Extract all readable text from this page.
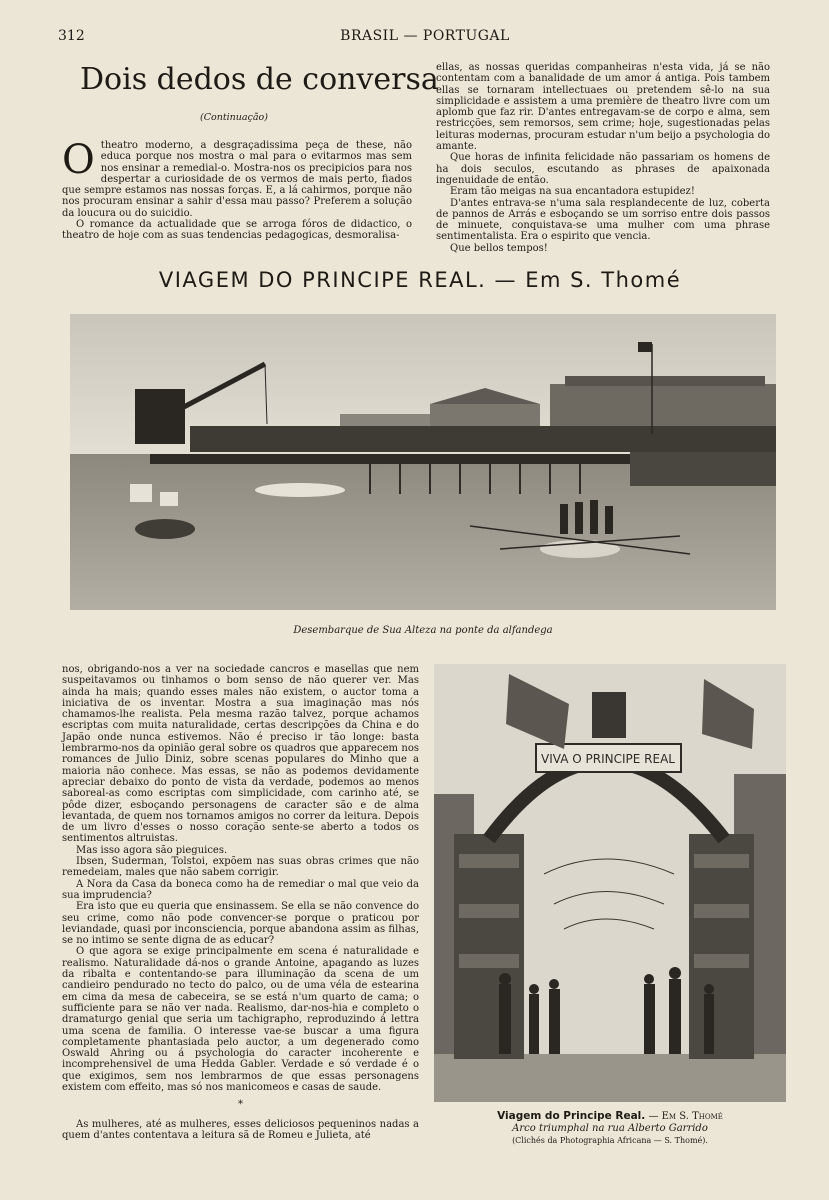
312	BRASIL — PORTUGAL
Dois dedos de conversa
(Continuação)

Otheatro moderno, a desgraçadissima peça de these, não educa porque nos mostra o mal para o evitarmos mas sem nos ensinar a remedial-o. Mostra-nos os precipicios para nos despertar a curiosidade de os vermos de mais perto, fiados que sempre estamos nas nossas forças. E, a lá cahirmos, porque não nos procuram ensinar a sahir d'essa mau passo? Preferem a solução da loucura ou do suicidio.

O romance da actualidade que se arroga fóros de didactico, o theatro de hoje com as suas tendencias pedagogicas, desmoralisa-

ellas, as nossas queridas companheiras n'esta vida, já se não contentam com a banalidade de um amor á antiga. Pois tambem ellas se tornaram intellectuaes ou pretendem sê-lo na sua simplicidade e assistem a uma première de theatro livre com um aplomb que faz rir. D'antes entregavam-se de corpo e alma, sem restricções, sem remorsos, sem crime; hoje, sugestionadas pelas leituras modernas, procuram estudar n'um beijo a psychologia do amante.

Que horas de infinita felicidade não passariam os homens de ha dois seculos, escutando as phrases de apaixonada ingenuidade de então.

Eram tão meigas na sua encantadora estupidez!

D'antes entrava-se n'uma sala resplandecente de luz, coberta de pannos de Arrás e esboçando se um sorriso entre dois passos de minuete, conquistava-se uma mulher com uma phrase sentimentalista. Era o espirito que vencia.

Que bellos tempos!

VIAGEM DO PRINCIPE REAL. — Em S. Thomé
Desembarque de Sua Alteza na ponte da alfandega

nos, obrigando-nos a ver na sociedade cancros e masellas que nem suspeitavamos ou tinhamos o bom senso de não querer ver. Mas ainda ha mais; quando esses males não existem, o auctor toma a iniciativa de os inventar. Mostra a sua imaginação mas nós chamamos-lhe realista. Pela mesma razão talvez, porque achamos escriptas com muita naturalidade, certas descripções da China e do Japão onde nunca estivemos. Não é preciso ir tão longe: basta lembrarmo-nos da opinião geral sobre os quadros que apparecem nos romances de Julio Diniz, sobre scenas populares do Minho que a maioria não conhece. Mas essas, se não as podemos devidamente apreciar debaixo do ponto de vista da verdade, podemos ao menos saboreal-as como escriptas com simplicidade, com carinho até, se pôde dizer, esboçando personagens de caracter são e de alma levantada, de quem nos tornamos amigos no correr da leitura. Depois de um livro d'esses o nosso coração sente-se aberto a todos os sentimentos altruistas.

Mas isso agora são pieguices.

Ibsen, Suderman, Tolstoi, expõem nas suas obras crimes que não remedeiam, males que não sabem corrigir.

A Nora da Casa da boneca como ha de remediar o mal que veio da sua imprudencia?

Era isto que eu queria que ensinassem. Se ella se não convence do seu crime, como não pode convencer-se porque o praticou por leviandade, quasi por inconsciencia, porque abandona assim as filhas, se no intimo se sente digna de as educar?

O que agora se exige principalmente em scena é naturalidade e realismo. Naturalidade dá-nos o grande Antoine, apagando as luzes da ribalta e contentando-se para illuminação da scena de um candieiro pendurado no tecto do palco, ou de uma véla de estearina em cima da mesa de cabeceira, se se está n'um quarto de cama; o sufficiente para se não ver nada. Realismo, dar-nos-hia e completo o dramaturgo genial que seria um tachigrapho, reproduzindo á lettra uma scena de familia. O interesse vae-se buscar a uma figura completamente phantasiada pelo auctor, a um degenerado como Oswald Ahring ou á psychologia do caracter incoherente e incomprehensivel de uma Hedda Gabler. Verdade e só verdade é o que exigimos, sem nos lembrarmos de que essas personagens existem com effeito, mas só nos manicomeos e casas de saude.

*

As mulheres, até as mulheres, esses deliciosos pequeninos nadas a quem d'antes contentava a leitura sã de Romeu e Julieta, até

VIVA O PRINCIPE REAL
Viagem do Principe Real. — Em S. Thomé
Arco triumphal na rua Alberto Garrido
(Clichés da Photographia Africana — S. Thomé).
